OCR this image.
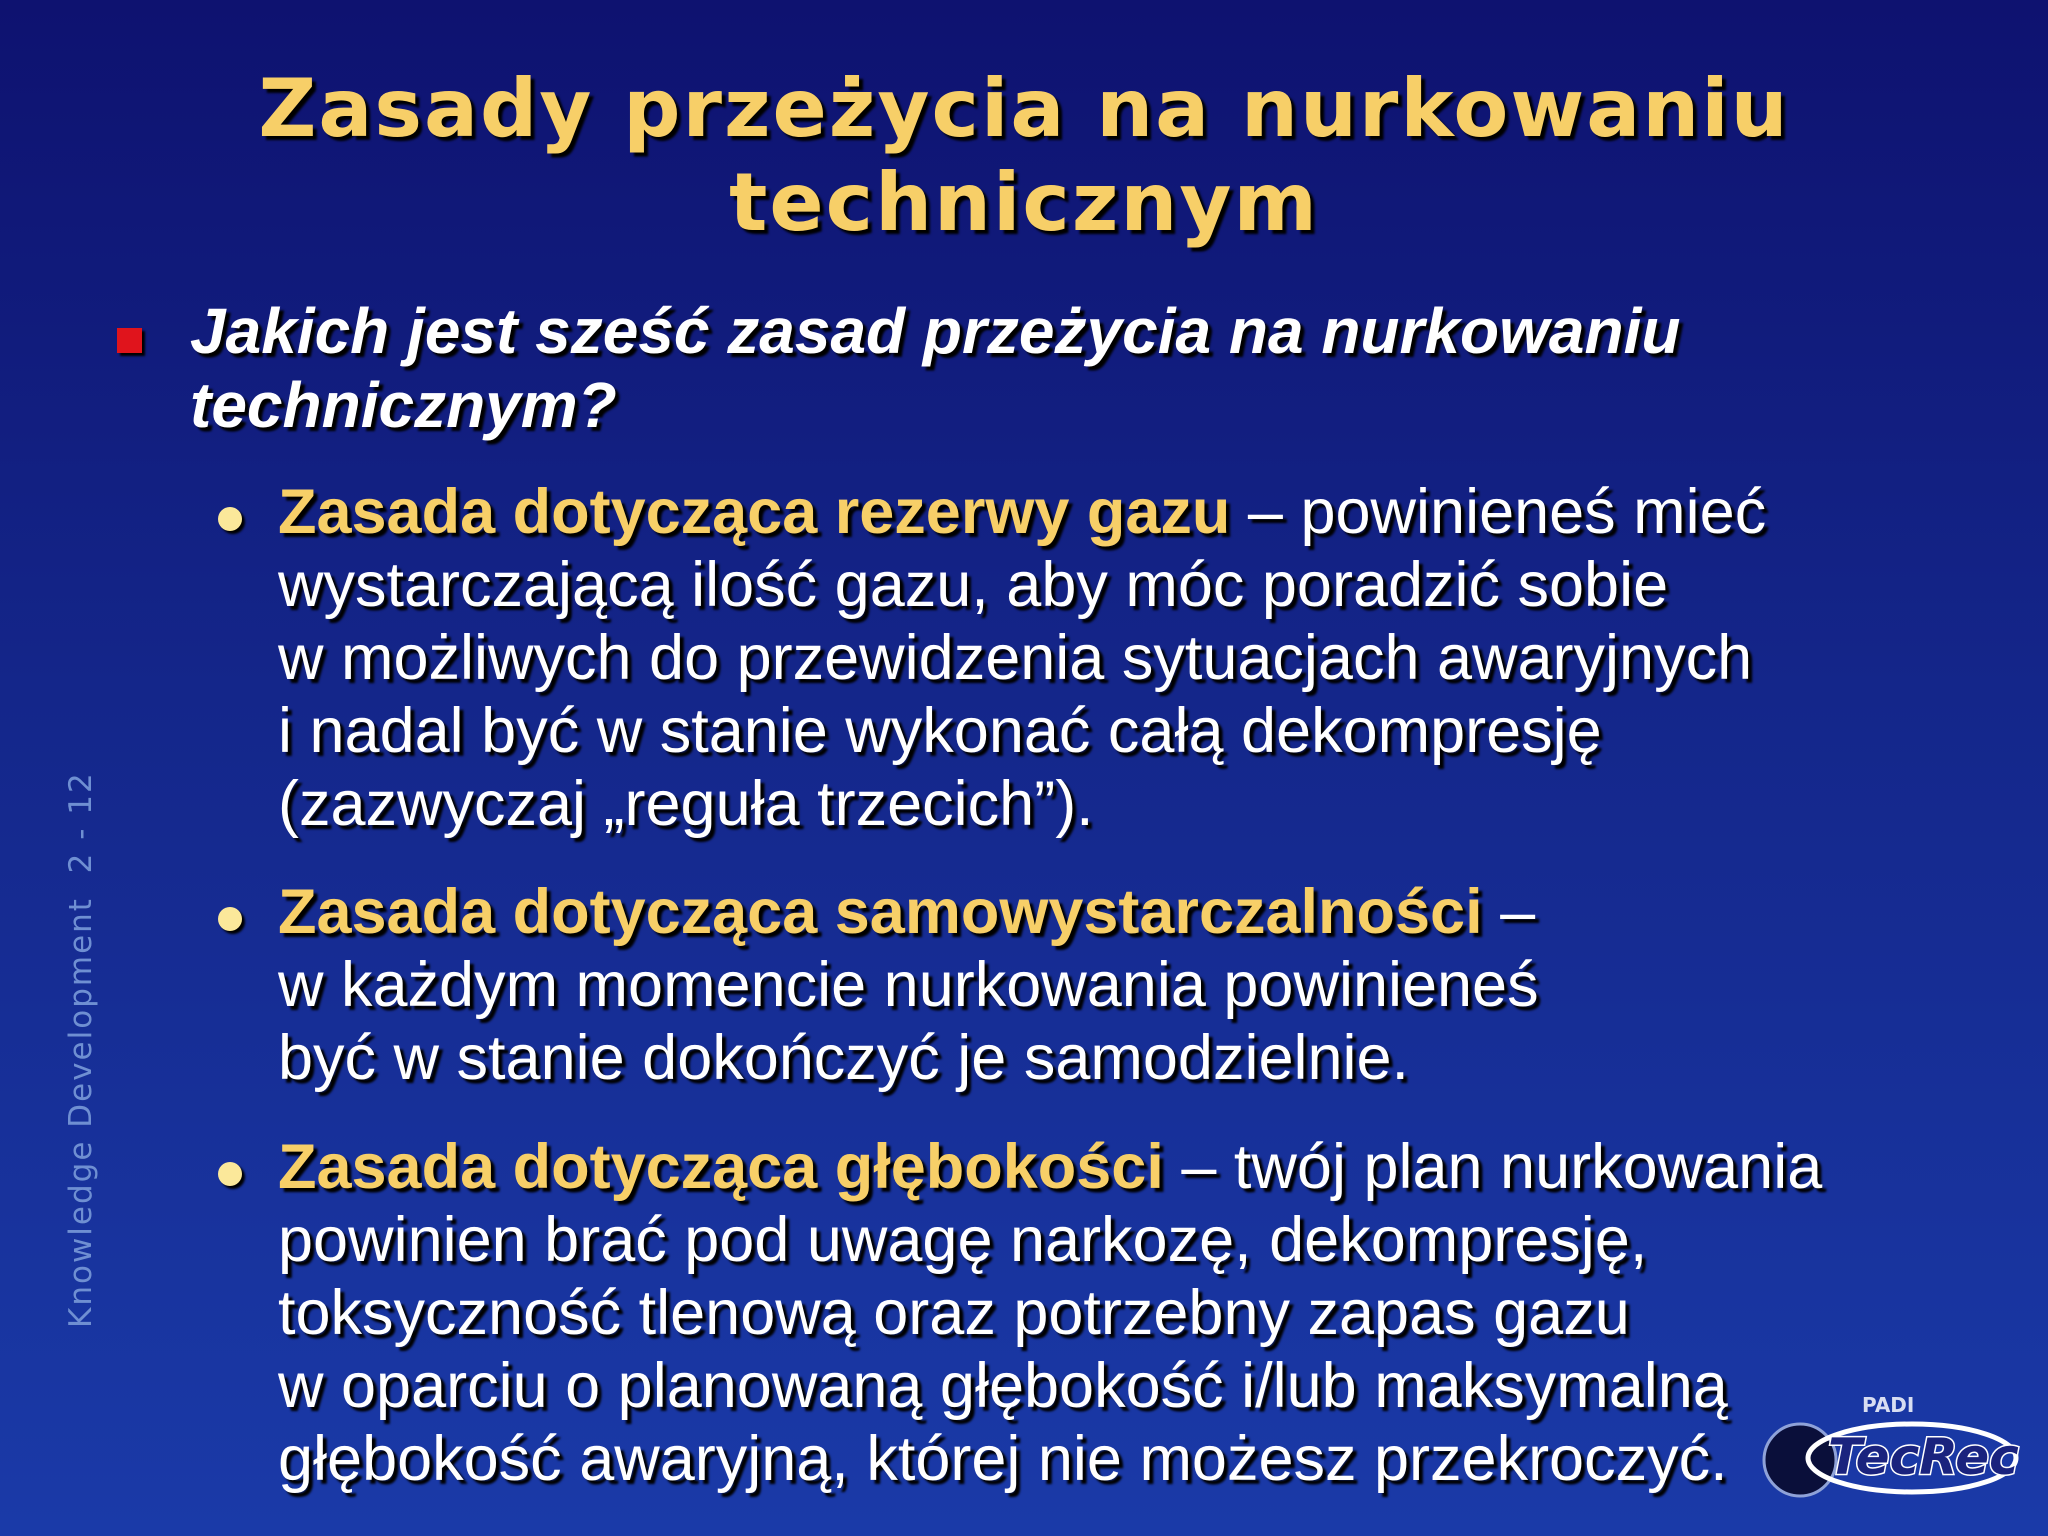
Zasady przeżycia na nurkowaniu
technicznym
Knowledge Development  2 - 12
Jakich jest sześć zasad przeżycia na nurkowaniu
technicznym?
Zasada dotycząca rezerwy gazu – powinieneś mieć
wystarczającą ilość gazu, aby móc poradzić sobie
w możliwych do przewidzenia sytuacjach awaryjnych
i nadal być w stanie wykonać całą dekompresję
(zazwyczaj „reguła trzecich”).
Zasada dotycząca samowystarczalności –
w każdym momencie nurkowania powinieneś
być w stanie dokończyć je samodzielnie.
Zasada dotycząca głębokości – twój plan nurkowania
powinien brać pod uwagę narkozę, dekompresję,
toksyczność tlenową oraz potrzebny zapas gazu
w oparciu o planowaną głębokość i/lub maksymalną
głębokość awaryjną, której nie możesz przekroczyć.
PADI
TecRec
